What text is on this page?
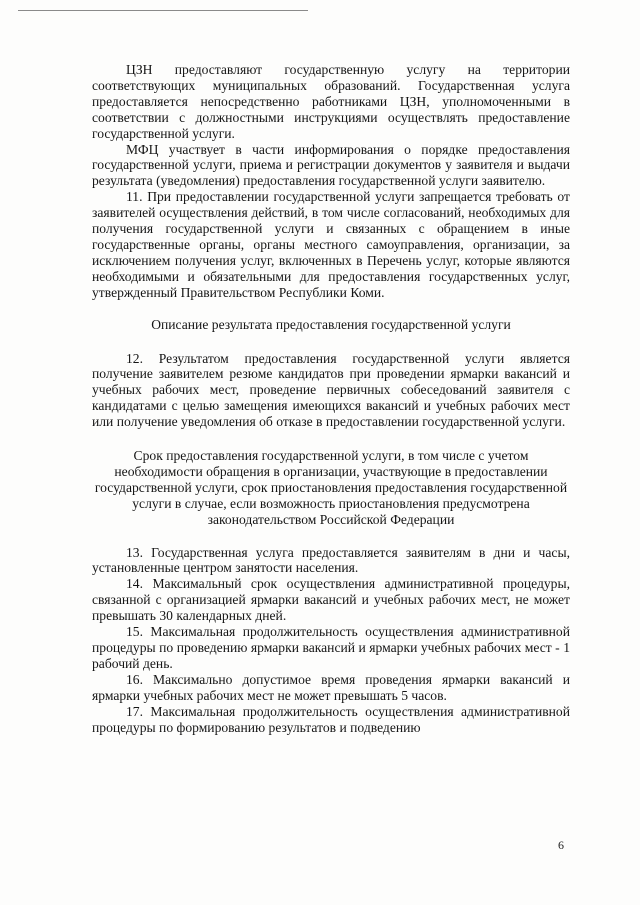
ЦЗН предоставляют государственную услугу на территории соответствующих муниципальных образований. Государственная услуга предоставляется непосредственно работниками ЦЗН, уполномоченными в соответствии с должностными инструкциями осуществлять предоставление государственной услуги.

МФЦ участвует в части информирования о порядке предоставления государственной услуги, приема и регистрации документов у заявителя и выдачи результата (уведомления) предоставления государственной услуги заявителю.

11. При предоставлении государственной услуги запрещается требовать от заявителей осуществления действий, в том числе согласований, необходимых для получения государственной услуги и связанных с обращением в иные государственные органы, органы местного самоуправления, организации, за исключением получения услуг, включенных в Перечень услуг, которые являются необходимыми и обязательными для предоставления государственных услуг, утвержденный Правительством Республики Коми.

Описание результата предоставления государственной услуги

12. Результатом предоставления государственной услуги является получение заявителем резюме кандидатов при проведении ярмарки вакансий и учебных рабочих мест, проведение первичных собеседований заявителя с кандидатами с целью замещения имеющихся вакансий и учебных рабочих мест или получение уведомления об отказе в предоставлении государственной услуги.

Срок предоставления государственной услуги, в том числе с учетом необходимости обращения в организации, участвующие в предоставлении государственной услуги, срок приостановления предоставления государственной услуги в случае, если возможность приостановления предусмотрена законодательством Российской Федерации

13. Государственная услуга предоставляется заявителям в дни и часы, установленные центром занятости населения.

14. Максимальный срок осуществления административной процедуры, связанной с организацией ярмарки вакансий и учебных рабочих мест, не может превышать 30 календарных дней.

15. Максимальная продолжительность осуществления административной процедуры по проведению ярмарки вакансий и ярмарки учебных рабочих мест - 1 рабочий день.

16. Максимально допустимое время проведения ярмарки вакансий и ярмарки учебных рабочих мест не может превышать 5 часов.

17. Максимальная продолжительность осуществления административной процедуры по формированию результатов и подведению

6
